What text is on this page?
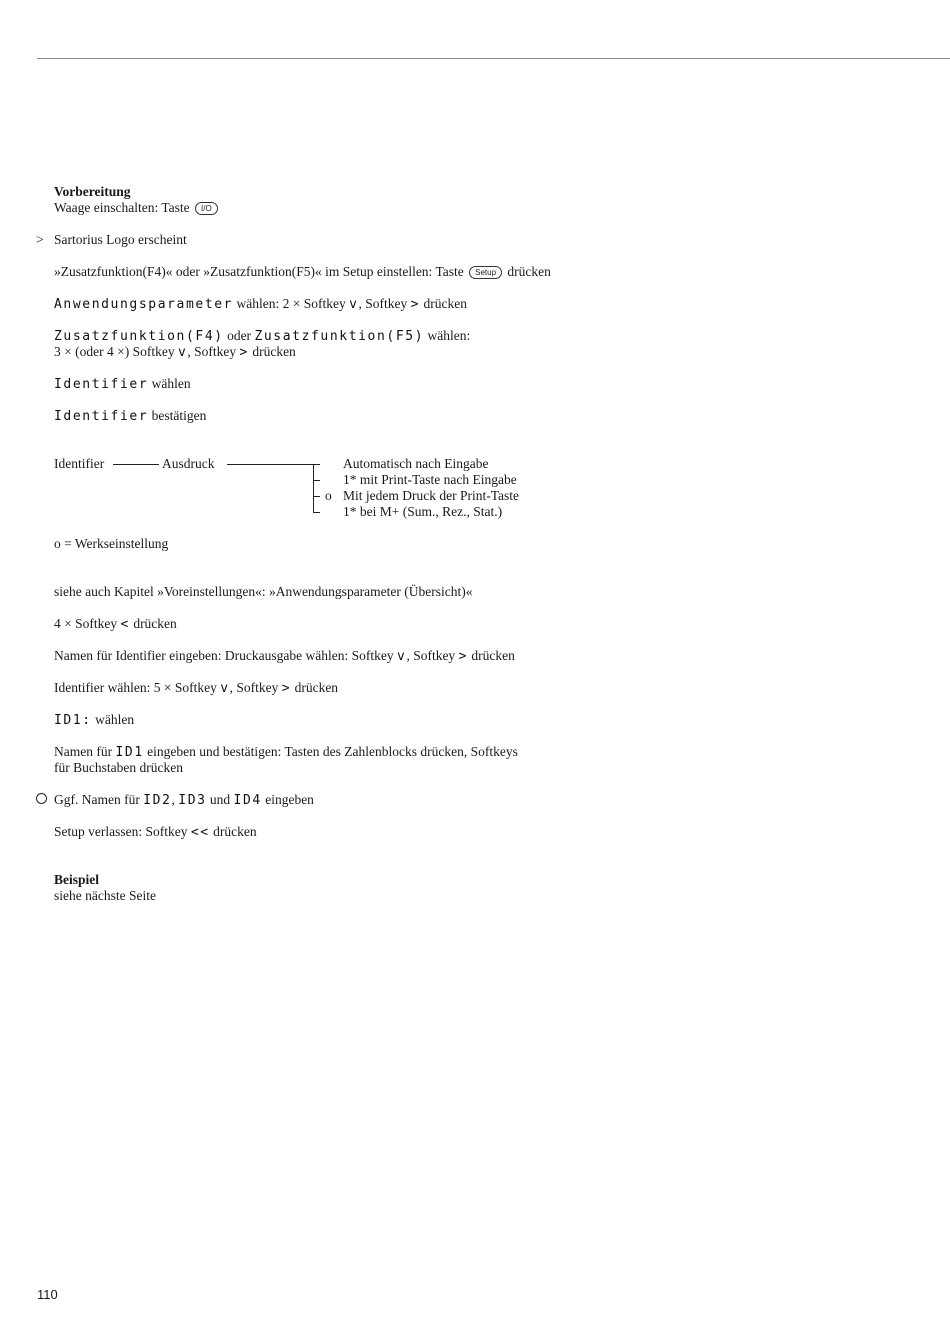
Vorbereitung
Waage einschalten: Taste I/O
> Sartorius Logo erscheint
»Zusatzfunktion(F4)« oder »Zusatzfunktion(F5)« im Setup einstellen: Taste Setup drücken
Anwendungsparameter wählen: 2 × Softkey v, Softkey > drücken
Zusatzfunktion(F4) oder Zusatzfunktion(F5) wählen:
3 × (oder 4 ×) Softkey v, Softkey > drücken
Identifier wählen
Identifier bestätigen
Identifier	Ausdruck
o
Automatisch nach Eingabe
1* mit Print-Taste nach Eingabe
Mit jedem Druck der Print-Taste
1* bei M+ (Sum., Rez., Stat.)
o = Werkseinstellung
siehe auch Kapitel »Voreinstellungen«: »Anwendungsparameter (Übersicht)«
4 × Softkey < drücken
Namen für Identifier eingeben: Druckausgabe wählen: Softkey v, Softkey > drücken
Identifier wählen: 5 × Softkey v, Softkey > drücken
ID1: wählen
Namen für ID1 eingeben und bestätigen: Tasten des Zahlenblocks drücken, Softkeys
für Buchstaben drücken
Ggf. Namen für ID2, ID3 und ID4 eingeben
Setup verlassen: Softkey << drücken
Beispiel
siehe nächste Seite
110
